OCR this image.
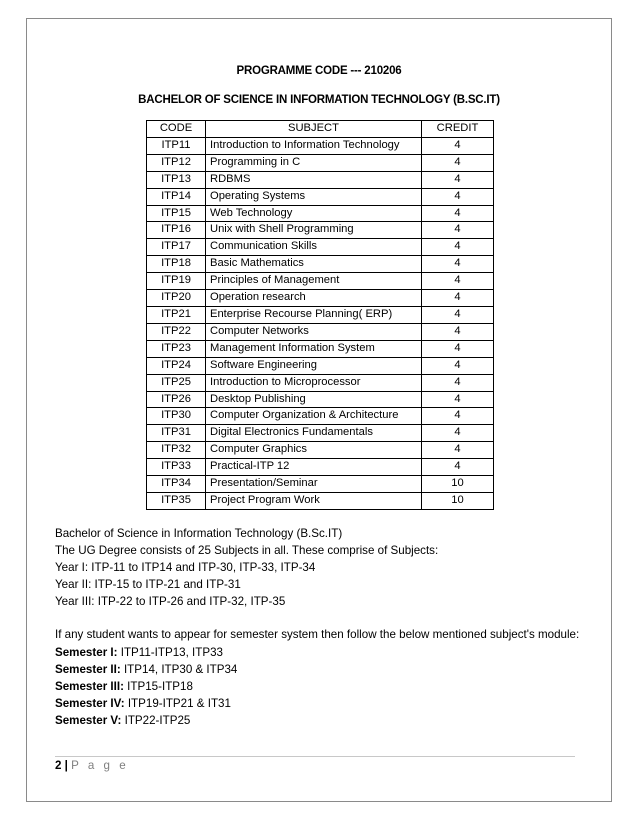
PROGRAMME CODE --- 210206
BACHELOR OF SCIENCE IN INFORMATION TECHNOLOGY (B.SC.IT)
CODE	SUBJECT	CREDIT
ITP11	Introduction to Information Technology	4
ITP12	Programming in C	4
ITP13	RDBMS	4
ITP14	Operating Systems	4
ITP15	Web Technology	4
ITP16	Unix with Shell Programming	4
ITP17	Communication Skills	4
ITP18	Basic Mathematics	4
ITP19	Principles of Management	4
ITP20	Operation research	4
ITP21	Enterprise Recourse Planning( ERP)	4
ITP22	Computer Networks	4
ITP23	Management Information System	4
ITP24	Software Engineering	4
ITP25	Introduction to Microprocessor	4
ITP26	Desktop Publishing	4
ITP30	Computer Organization & Architecture	4
ITP31	Digital Electronics Fundamentals	4
ITP32	Computer Graphics	4
ITP33	Practical-ITP 12	4
ITP34	Presentation/Seminar	10
ITP35	Project Program Work	10

Bachelor of Science in Information Technology (B.Sc.IT)

The UG Degree consists of 25 Subjects in all. These comprise of Subjects:

Year I: ITP-11 to ITP14 and ITP-30, ITP-33, ITP-34

Year II: ITP-15 to ITP-21 and ITP-31

Year III: ITP-22 to ITP-26 and ITP-32, ITP-35

If any student wants to appear for semester system then follow the below mentioned subject's module:

Semester I: ITP11-ITP13, ITP33

Semester II: ITP14, ITP30 & ITP34

Semester III: ITP15-ITP18

Semester IV: ITP19-ITP21 & IT31

Semester V: ITP22-ITP25

2 | P a g e
